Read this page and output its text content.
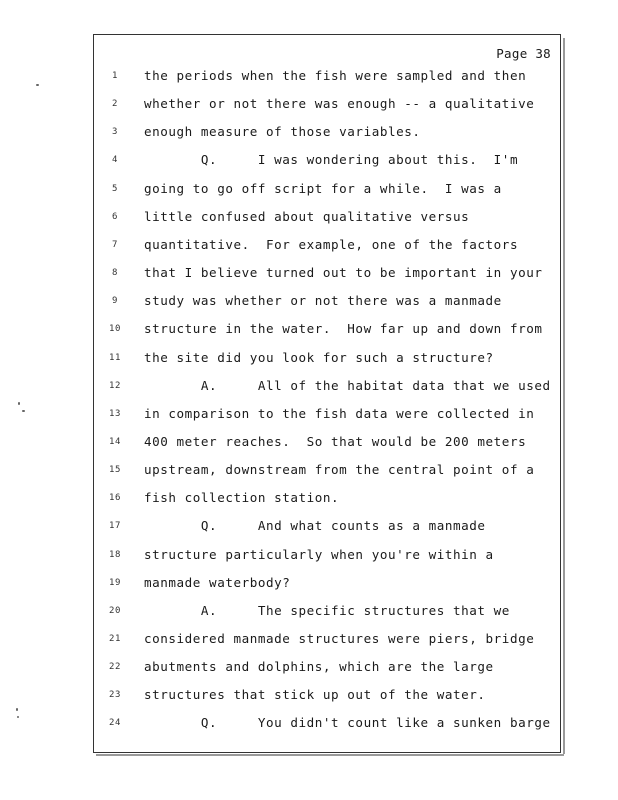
Page 38
1	the periods when the fish were sampled and then
2	whether or not there was enough -- a qualitative
3	enough measure of those variables.
4	Q.     I was wondering about this.  I'm
5	going to go off script for a while.  I was a
6	little confused about qualitative versus
7	quantitative.  For example, one of the factors
8	that I believe turned out to be important in your
9	study was whether or not there was a manmade
10 structure in the water.  How far up and down from
11 the site did you look for such a structure?
12 A.     All of the habitat data that we used
13 in comparison to the fish data were collected in
14 400 meter reaches.  So that would be 200 meters
15 upstream, downstream from the central point of a
16 fish collection station.
17 Q.     And what counts as a manmade
18 structure particularly when you're within a
19 manmade waterbody?
20 A.     The specific structures that we
21 considered manmade structures were piers, bridge
22 abutments and dolphins, which are the large
23 structures that stick up out of the water.
24 Q.     You didn't count like a sunken barge
